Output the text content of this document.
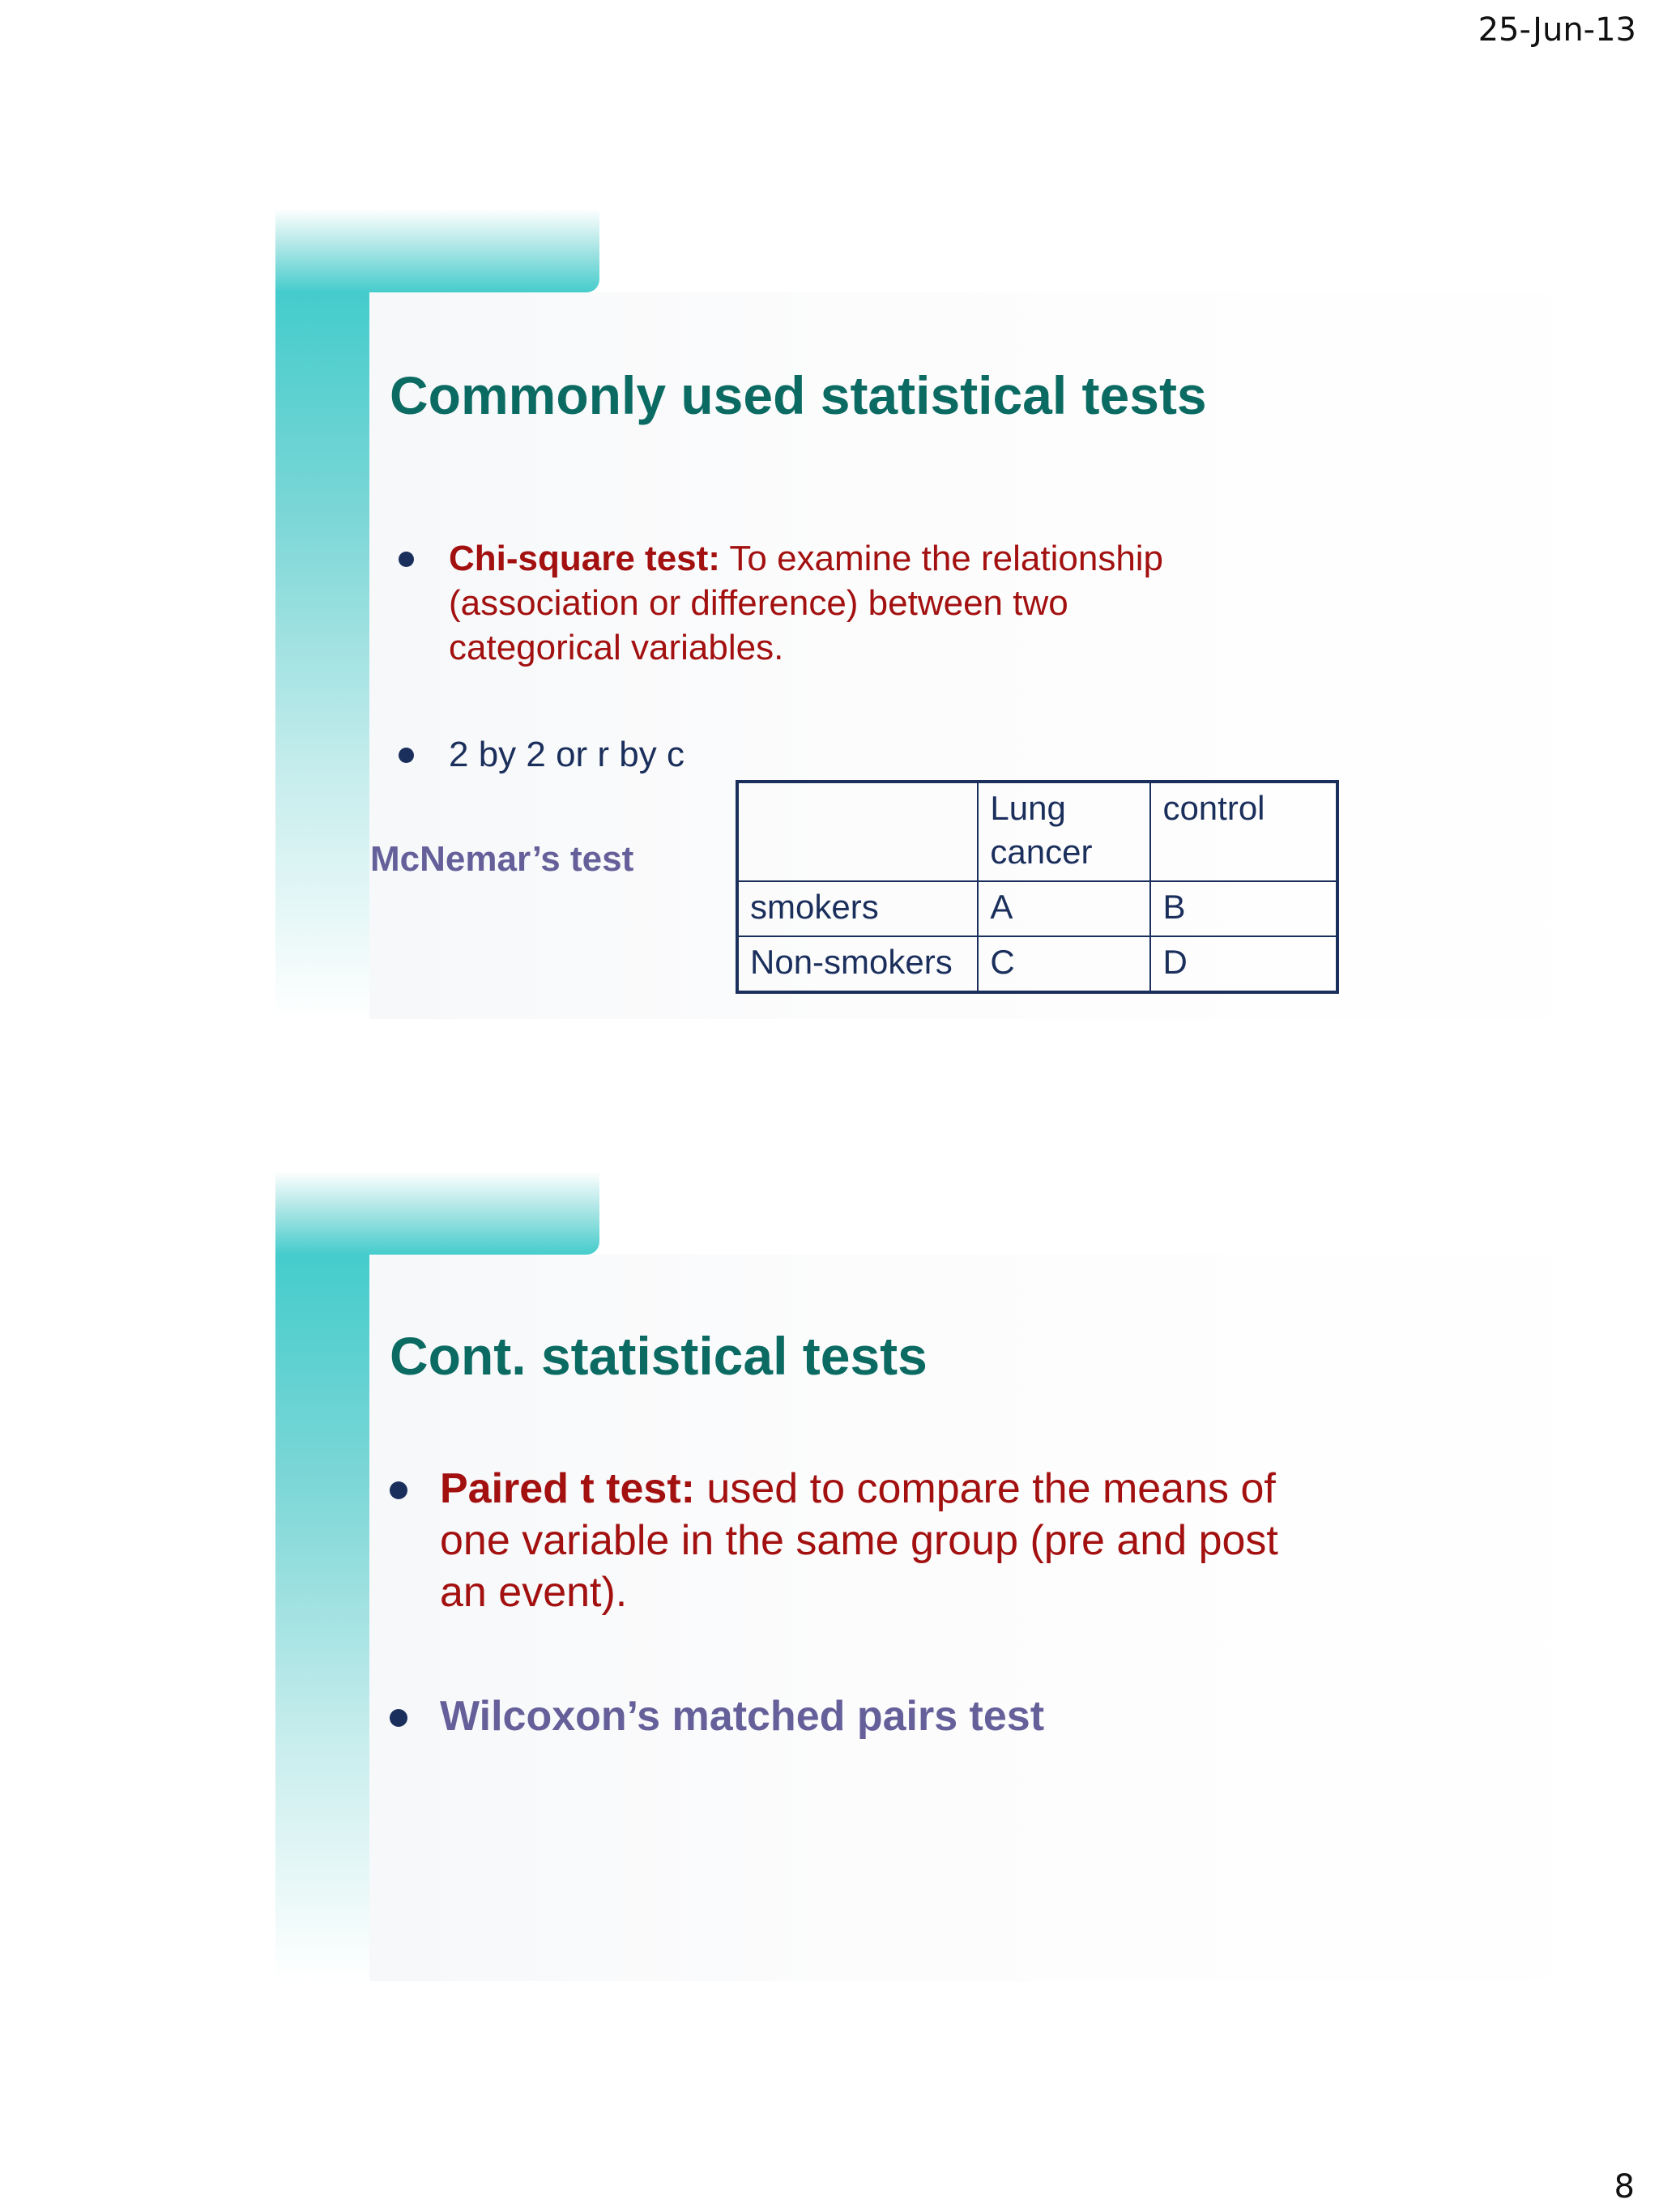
25-Jun-13
Commonly used statistical tests
Chi-square test: To examine the relationship (association or difference) between two categorical variables.
2 by 2 or r by c
McNemar’s test
	Lung cancer	control
smokers	A	B
Non-smokers	C	D
Cont. statistical tests
Paired t test: used to compare the means of one variable in the same group (pre and post an event).
Wilcoxon’s matched pairs test
8
